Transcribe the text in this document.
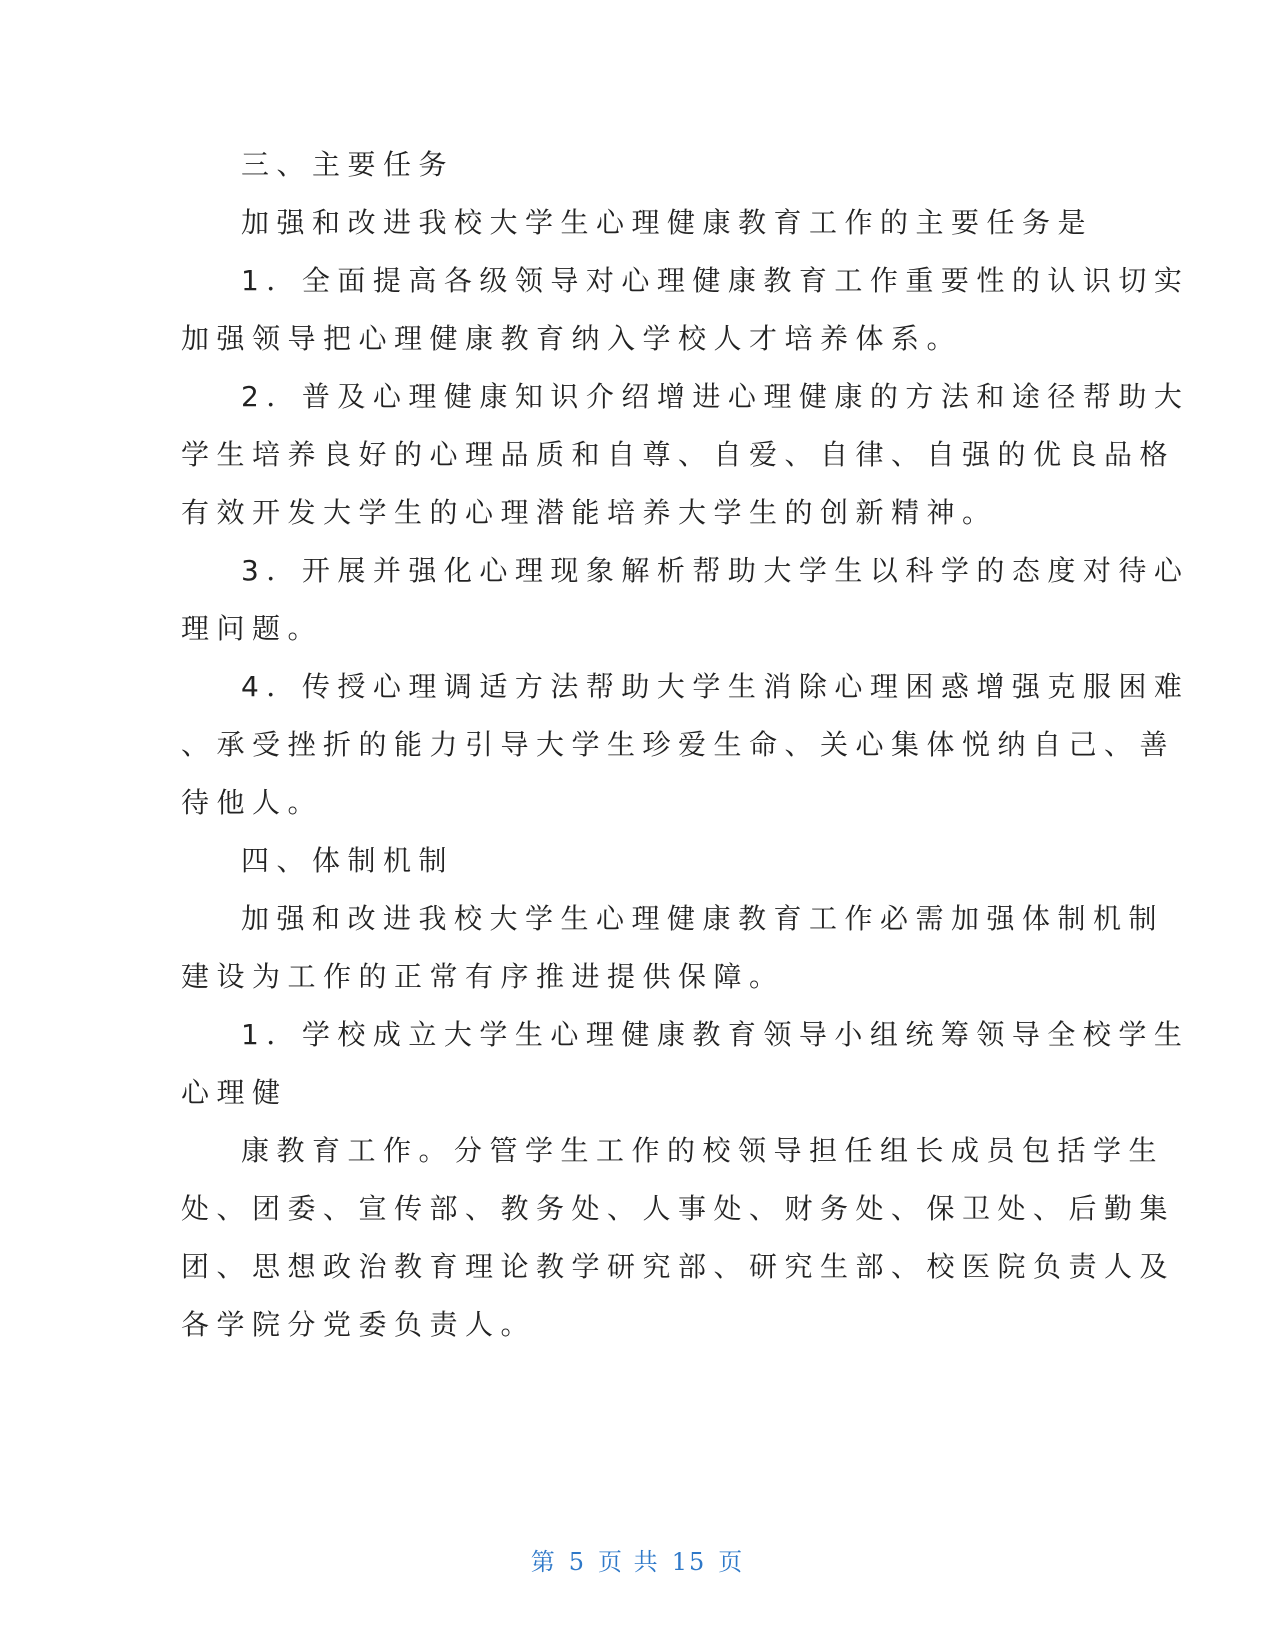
三、主要任务
加强和改进我校大学生心理健康教育工作的主要任务是
1．全面提高各级领导对心理健康教育工作重要性的认识切实
加强领导把心理健康教育纳入学校人才培养体系。
2．普及心理健康知识介绍增进心理健康的方法和途径帮助大
学生培养良好的心理品质和自尊、自爱、自律、自强的优良品格
有效开发大学生的心理潜能培养大学生的创新精神。
3．开展并强化心理现象解析帮助大学生以科学的态度对待心
理问题。
4．传授心理调适方法帮助大学生消除心理困惑增强克服困难
、承受挫折的能力引导大学生珍爱生命、关心集体悦纳自己、善
待他人。
四、体制机制
加强和改进我校大学生心理健康教育工作必需加强体制机制
建设为工作的正常有序推进提供保障。
1．学校成立大学生心理健康教育领导小组统筹领导全校学生
心理健
康教育工作。分管学生工作的校领导担任组长成员包括学生
处、团委、宣传部、教务处、人事处、财务处、保卫处、后勤集
团、思想政治教育理论教学研究部、研究生部、校医院负责人及
各学院分党委负责人。
第 5 页 共 15 页
